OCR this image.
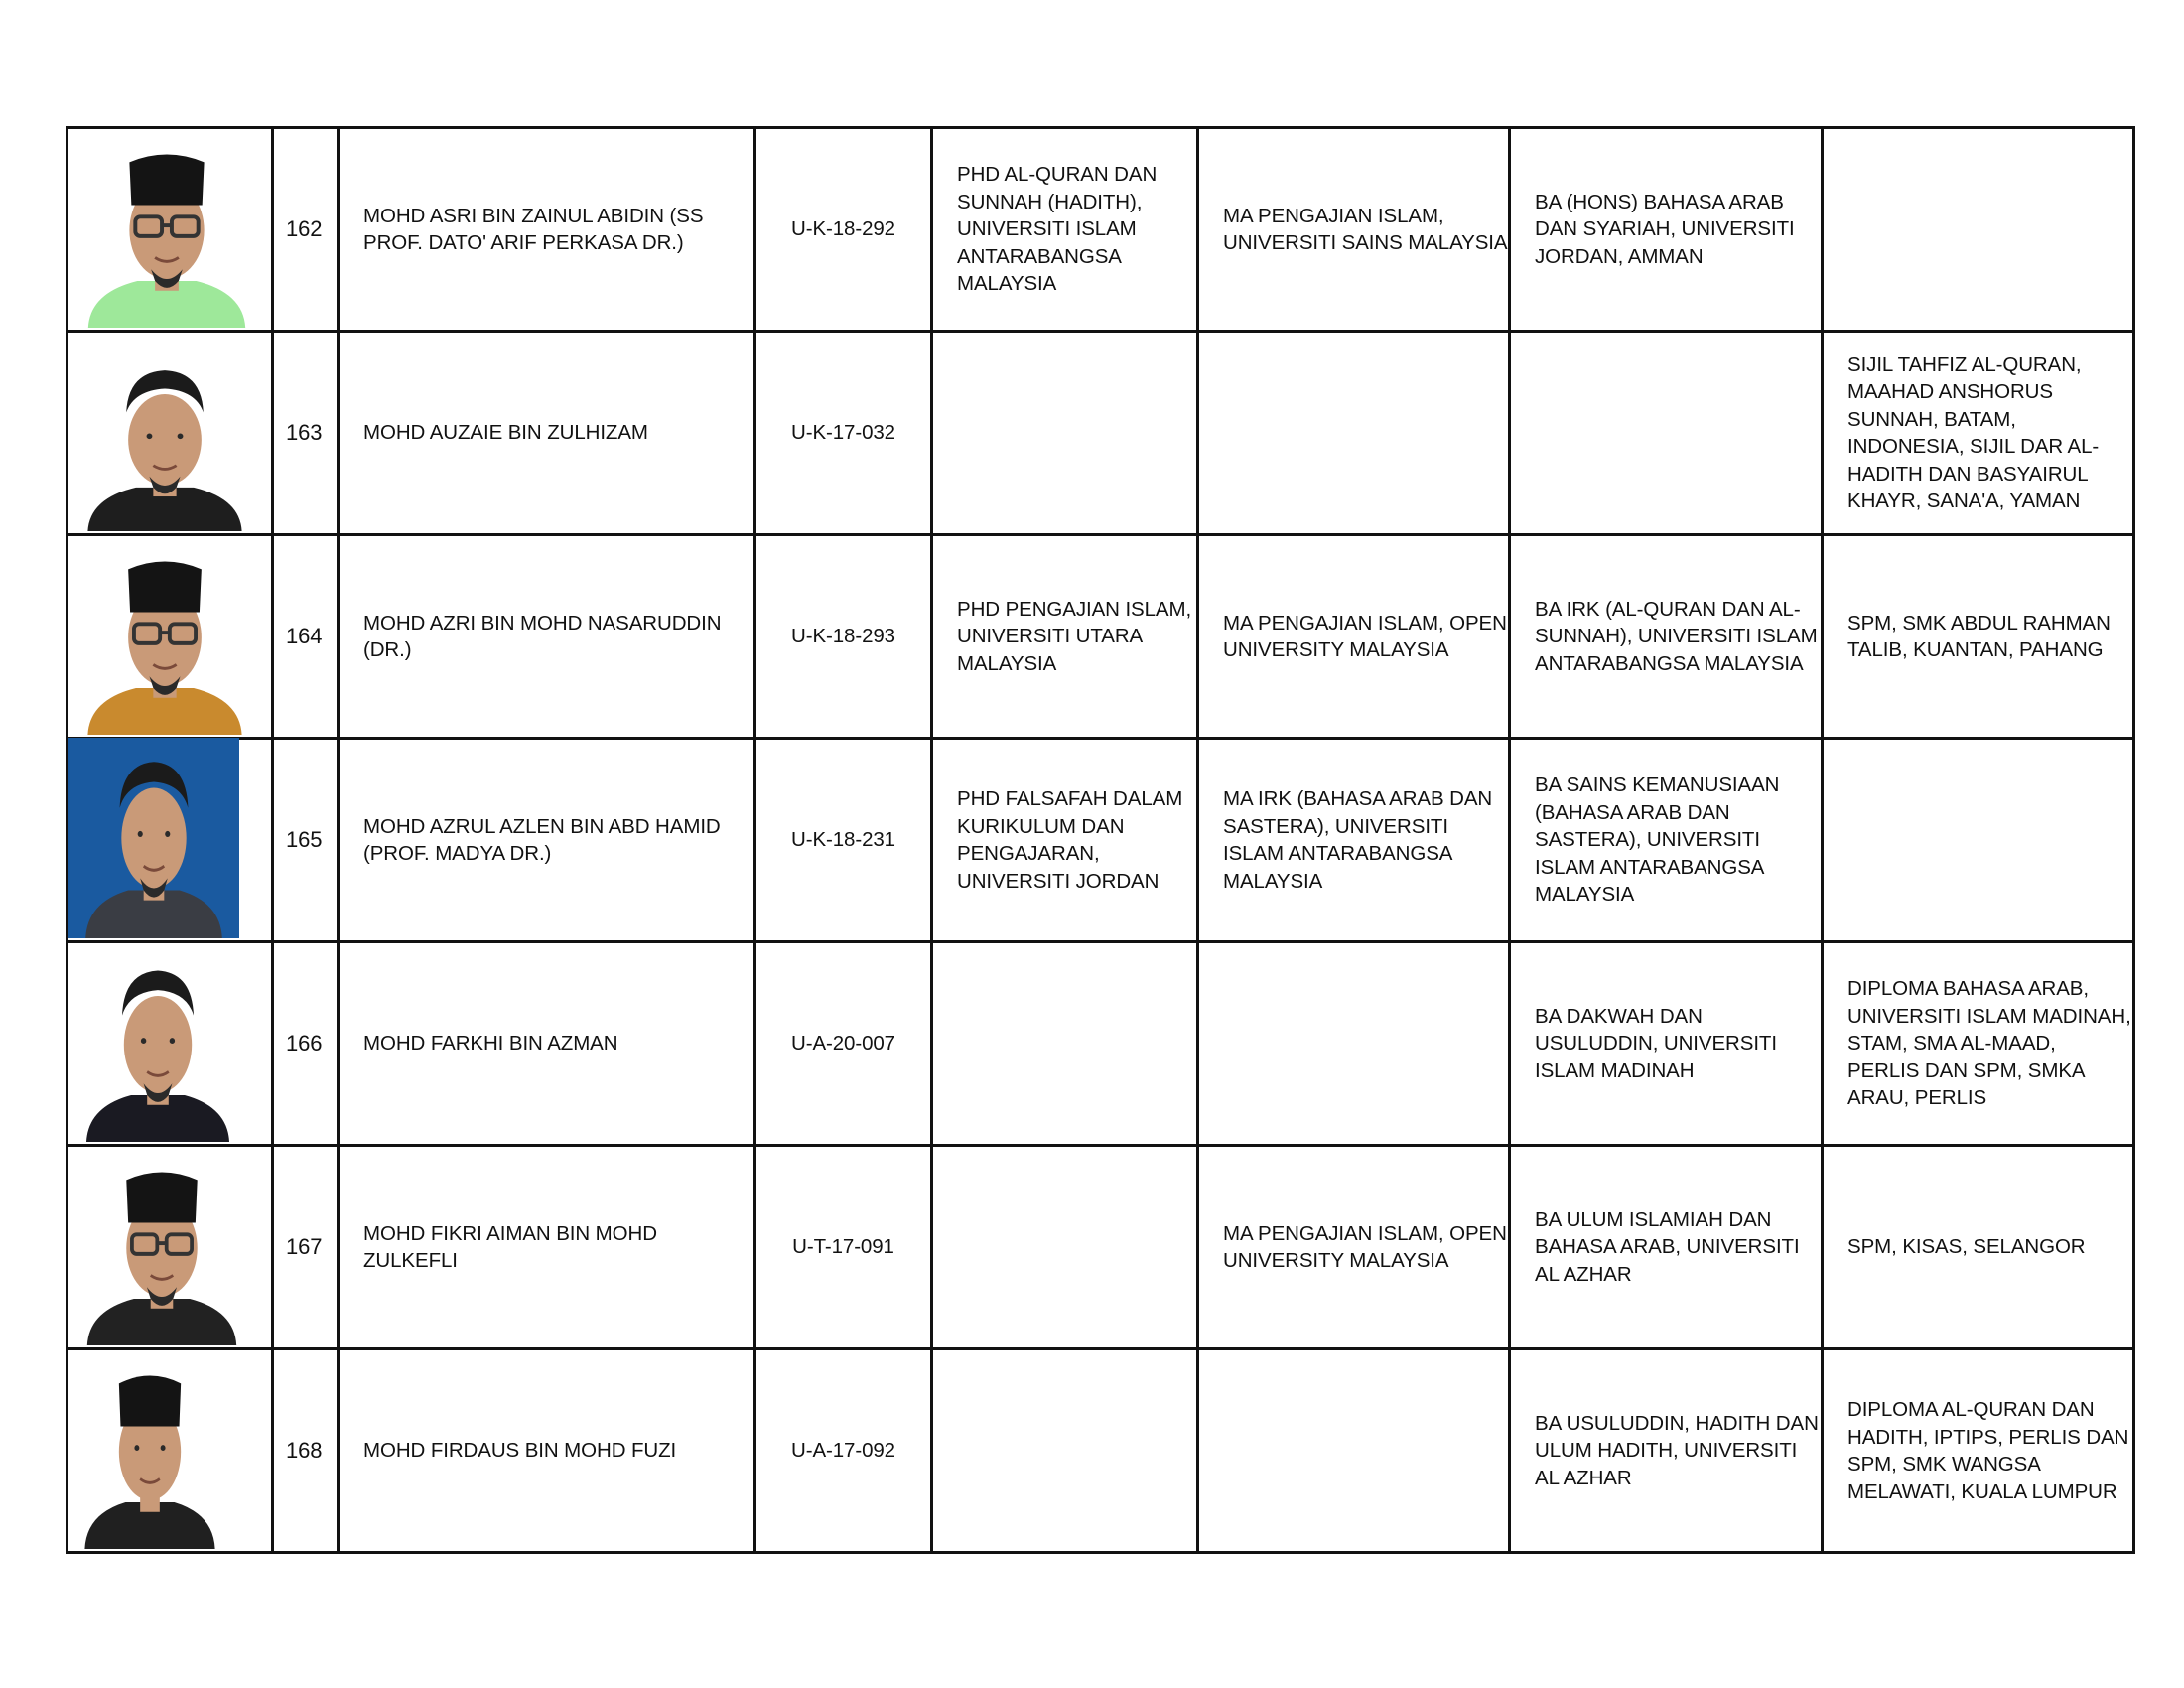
	162	MOHD ASRI BIN ZAINUL ABIDIN (SS PROF. DATO' ARIF PERKASA DR.)	U-K-18-292	PHD AL-QURAN DAN SUNNAH (HADITH), UNIVERSITI ISLAM ANTARABANGSA MALAYSIA	MA PENGAJIAN ISLAM, UNIVERSITI SAINS MALAYSIA	BA (HONS) BAHASA ARAB DAN SYARIAH, UNIVERSITI JORDAN, AMMAN	

	163	MOHD AUZAIE BIN ZULHIZAM	U-K-17-032				SIJIL TAHFIZ AL-QURAN, MAAHAD ANSHORUS SUNNAH, BATAM, INDONESIA, SIJIL DAR AL-HADITH DAN BASYAIRUL KHAYR, SANA'A, YAMAN

	164	MOHD AZRI BIN MOHD NASARUDDIN (DR.)	U-K-18-293	PHD PENGAJIAN ISLAM, UNIVERSITI UTARA MALAYSIA	MA PENGAJIAN ISLAM, OPEN UNIVERSITY MALAYSIA	BA IRK (AL-QURAN DAN AL-SUNNAH), UNIVERSITI ISLAM ANTARABANGSA MALAYSIA	SPM, SMK ABDUL RAHMAN TALIB, KUANTAN, PAHANG

	165	MOHD AZRUL AZLEN BIN ABD HAMID (PROF. MADYA DR.)	U-K-18-231	PHD FALSAFAH DALAM KURIKULUM DAN PENGAJARAN, UNIVERSITI JORDAN	MA IRK (BAHASA ARAB DAN SASTERA), UNIVERSITI ISLAM ANTARABANGSA MALAYSIA	BA SAINS KEMANUSIAAN (BAHASA ARAB DAN SASTERA), UNIVERSITI ISLAM ANTARABANGSA MALAYSIA	

	166	MOHD FARKHI BIN AZMAN	U-A-20-007			BA DAKWAH DAN USULUDDIN, UNIVERSITI ISLAM MADINAH	DIPLOMA BAHASA ARAB, UNIVERSITI ISLAM MADINAH, STAM, SMA AL-MAAD, PERLIS DAN SPM, SMKA ARAU, PERLIS

	167	MOHD FIKRI AIMAN BIN MOHD ZULKEFLI	U-T-17-091		MA PENGAJIAN ISLAM, OPEN UNIVERSITY MALAYSIA	BA ULUM ISLAMIAH DAN BAHASA ARAB, UNIVERSITI AL AZHAR	SPM, KISAS, SELANGOR

	168	MOHD FIRDAUS BIN MOHD FUZI	U-A-17-092			BA USULUDDIN, HADITH DAN ULUM HADITH, UNIVERSITI AL AZHAR	DIPLOMA AL-QURAN DAN HADITH, IPTIPS, PERLIS DAN SPM, SMK WANGSA MELAWATI, KUALA LUMPUR
